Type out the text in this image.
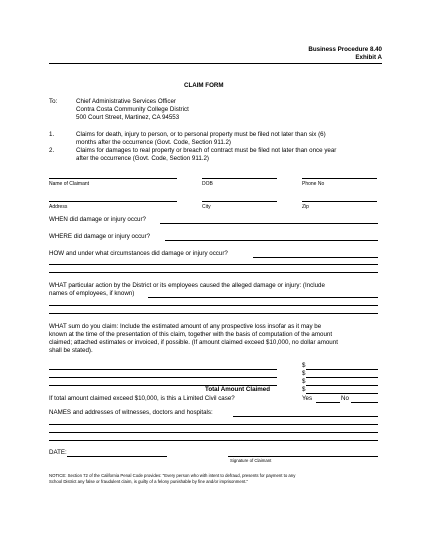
Business Procedure 8.40
Exhibit A
CLAIM FORM
To:	Chief Administrative Services Officer
Contra Costa Community College District
500 Court Street, Martinez, CA 94553
1.	Claims for death, injury to person, or to personal property must be filed not later than six (6)
months after the occurrence (Govt. Code, Section 911.2)
2.	Claims for damages to real property or breach of contract must be filed not later than once year
after the occurrence (Govt. Code, Section 911.2)
Name of Claimant	DOB	Phone No
Address	City	Zip
WHEN did damage or injury occur?
WHERE did damage or injury occur?
HOW and under what circumstances did damage or injury occur?
WHAT particular action by the District or its employees caused the alleged damage or injury: (Include
names of employees, if known)
WHAT sum do you claim: Include the estimated amount of any prospective loss insofar as it may be
known at the time of the presentation of this claim, together with the basis of computation of the amount
claimed; attached estimates or invoiced, if possible. (If amount claimed exceed $10,000, no dollar amount
shall be stated).
$
$
$
Total Amount Claimed	$
If total amount claimed exceed $10,000, is this a Limited Civil case?	Yes	No
NAMES and addresses of witnesses, doctors and hospitals:
DATE:
Signature of Claimant
NOTICE: Section 72 of the California Penal Code provides: "Every person who with intent to defraud, presents for payment to any
School District any false or fraudulent claim, is guilty of a felony punishable by fine and/or imprisonment."
